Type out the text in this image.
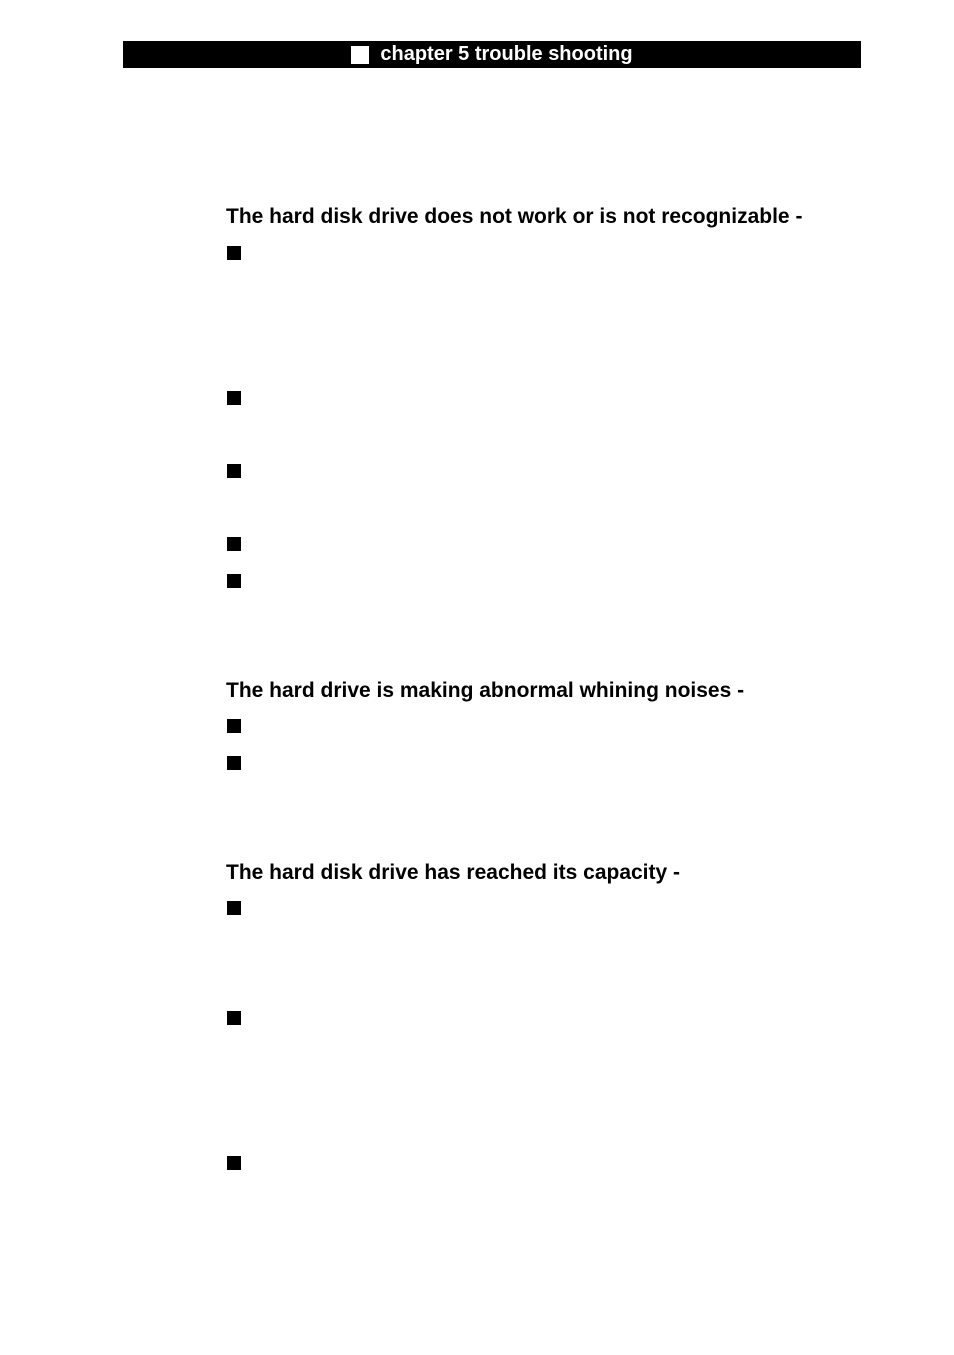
chapter 5 trouble shooting
The hard disk drive does not work or is not recognizable -
The hard drive is making abnormal whining noises -
The hard disk drive has reached its capacity -
